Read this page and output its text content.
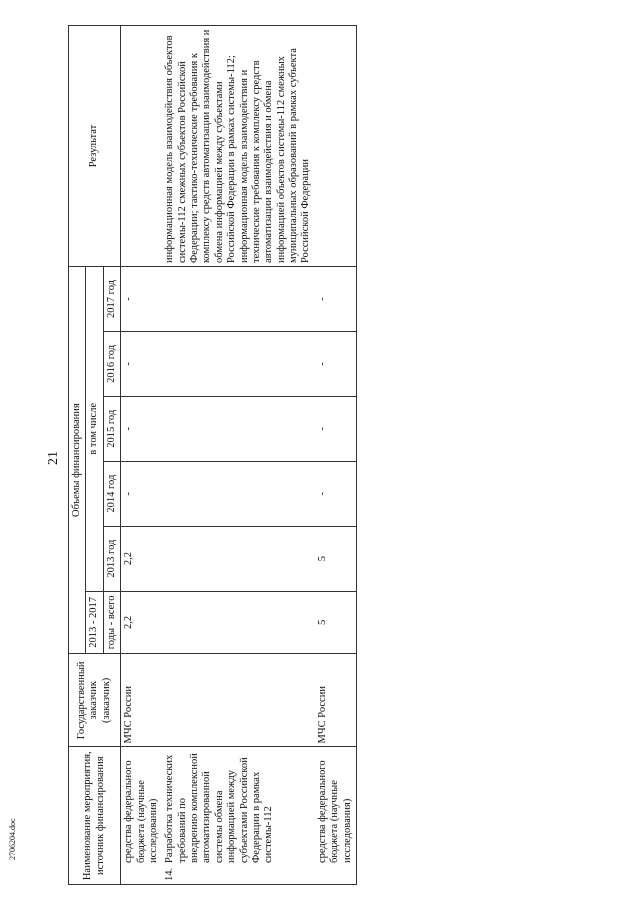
21
Наименование мероприятия, источник финансирования	Государственный заказчик (заказчик)	Объемы финансирования						Результат
		2013 - 2017	в том числе					
		годы - всего	2013 год	2014 год	2015 год	2016 год	2017 год	

средства федерального бюджета (научные исследования)	МЧС России	2,2	2,2	-	-	-	-	

14.
Разработка технических требований по внедрению комплексной автоматизированной системы обмена информацией между субъектами Российской Федерации в рамках системы-112								информационная модель взаимодействия объектов системы-112 смежных субъектов Российской Федерации; тактико-технические требования к комплексу средств автоматизации взаимодействия и обмена информацией между субъектами Российской Федерации в рамках системы-112; информационная модель взаимодействия и технические требования к комплексу средств автоматизации взаимодействия и обмена информацией объектов системы-112 смежных муниципальных образований в рамках субъекта Российской Федерации

средства федерального бюджета (научные исследования)	МЧС России	5	5	-	-	-	-	
2706204.doc
